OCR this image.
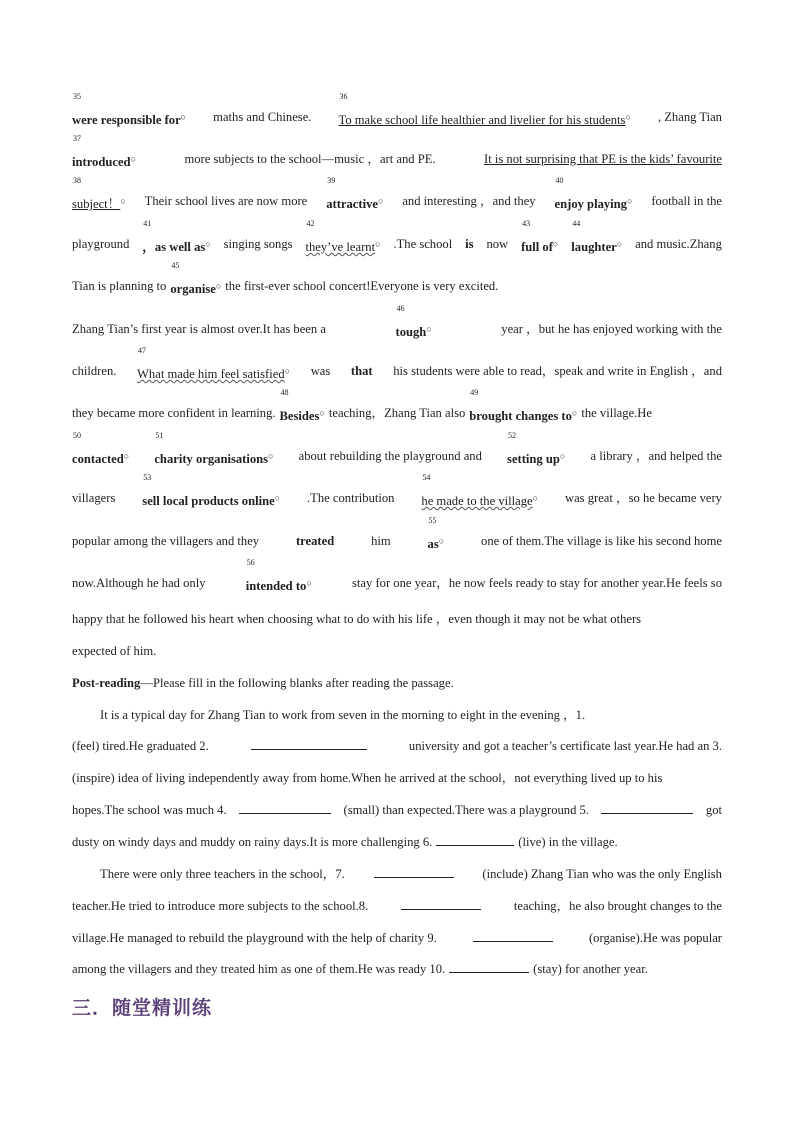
were responsible for○
35
maths and Chinese. To make school life healthier and livelier for his students○
36
, Zhang Tian
introduced○
37
more subjects to the school—music ，art and PE.	It is not surprising that PE is the kids’ favourite
subject！○
38
Their school lives are now more attractive○
39
and interesting ，and they enjoy playing○
40
football in the
playground ，as well as○
41
singing songs they’ve learnt○
42
.The school is now full of○
43
laughter○
44
and music.Zhang
Tian is planning to organise○
45
the first-ever school concert!Everyone is very excited.
Zhang Tian’s first year is almost over.It has been a	tough○
46
year ，but he has enjoyed working with the
children. What made him feel satisfied○
47
was that his students were able to read，speak and write in English ，and
they became more confident in learning. Besides○
48
teaching，Zhang Tian also brought changes to○
49
the village.He
contacted○
50
charity organisations○
51
about rebuilding the playground and setting up○
52
a library ，and helped the
villagers sell local products online○
53
.The contribution he made to the village○
54
was great ，so he became very
popular among the villagers and they	treated	him	as○
55
one of them.The village is like his second home
now.Although he had only	intended to○
56
stay for one year，he now feels ready to stay for another year.He feels so
happy that he followed his heart when choosing what to do with his life ，even though it may not be what others
expected of him.
Post-reading —Please fill in the following blanks after reading the passage.
It is a typical day for Zhang Tian to work from seven in the morning to eight in the evening ，1.
(feel) tired.He graduated 2.	university and got a teacher’s certificate last year.He had an 3.
(inspire) idea of living independently away from home.When he arrived at the school，not everything lived up to his
hopes.The school was much 4.	(small) than expected.There was a playground 5.	got
dusty on windy days and muddy on rainy days.It is more challenging 6.	(live) in the village.
There were only three teachers in the school，7.	(include) Zhang Tian who was the only English
teacher.He tried to introduce more subjects to the school.8.	teaching，he also brought changes to the
village.He managed to rebuild the playground with the help of charity 9.	(organise).He was popular
among the villagers and they treated him as one of them.He was ready 10.	(stay) for another year.
三．随堂精训练
